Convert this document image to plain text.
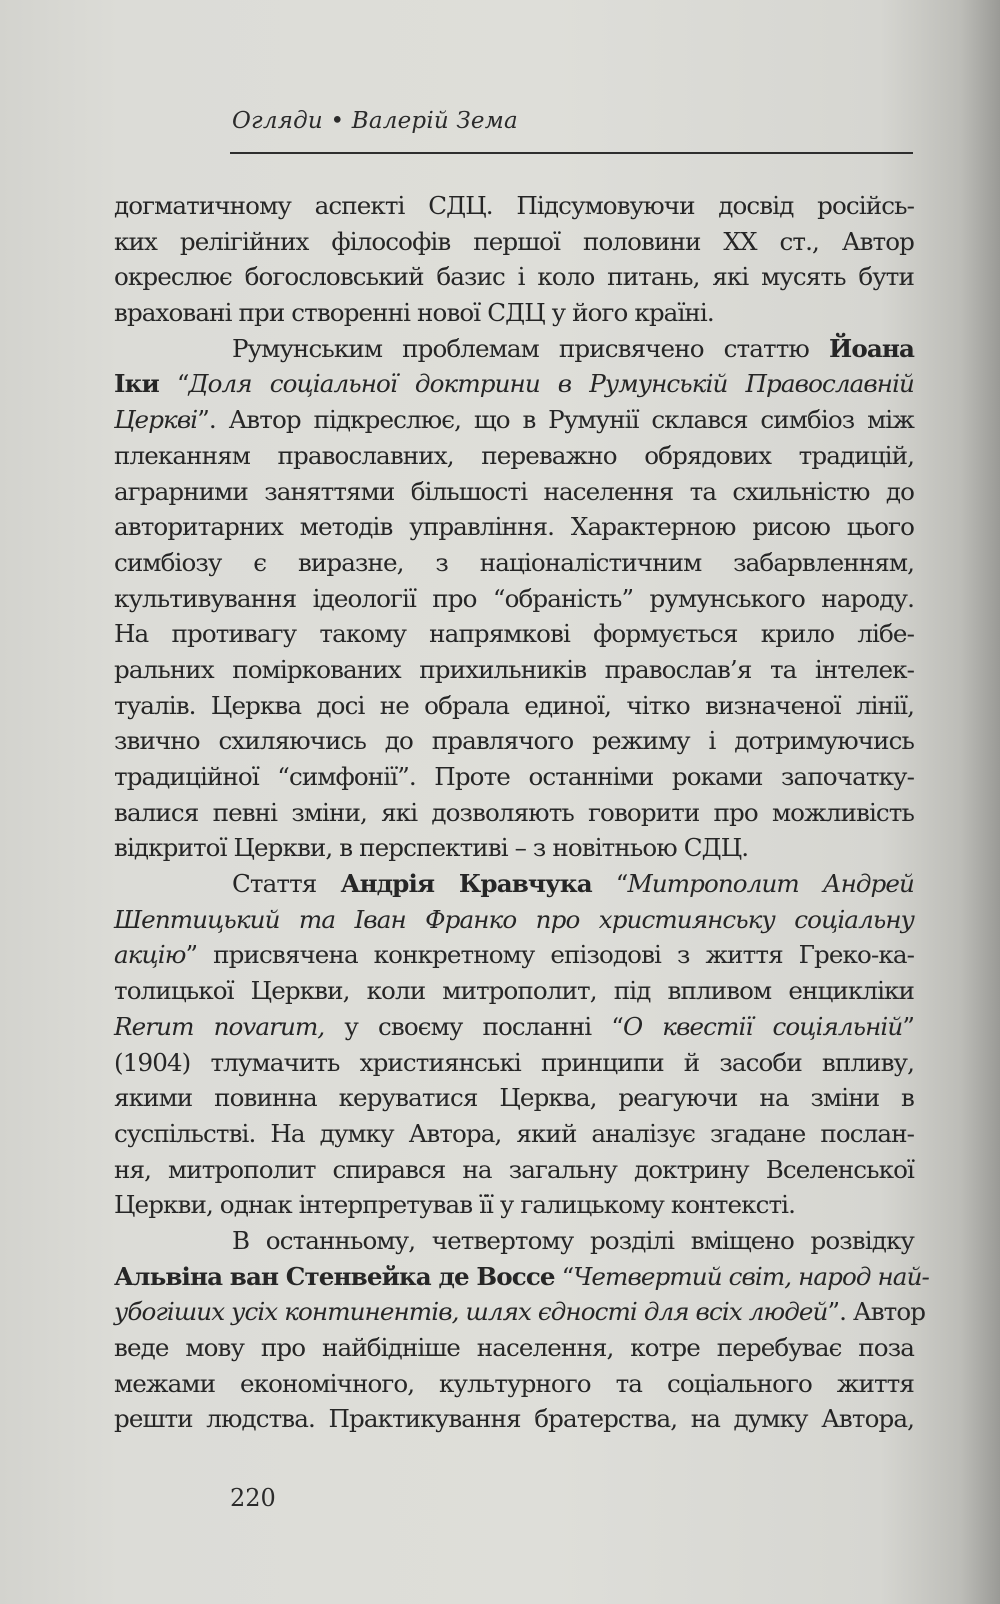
Огляди • Валерій Зема
догматичному аспекті СДЦ. Підсумовуючи досвід російсь-
ких релігійних філософів першої половини ХХ ст., Автор
окреслює богословський базис і коло питань, які мусять бути
враховані при створенні нової СДЦ у його країні.
Румунським проблемам присвячено статтю Йоана
Іки “Доля соціальної доктрини в Румунській Православній
Церкві”. Автор підкреслює, що в Румунії склався симбіоз між
плеканням православних, переважно обрядових традицій,
аграрними заняттями більшості населення та схильністю до
авторитарних методів управління. Характерною рисою цього
симбіозу є виразне, з націоналістичним забарвленням,
культивування ідеології про “обраність” румунського народу.
На противагу такому напрямкові формується крило лібе-
ральних поміркованих прихильників православ’я та інтелек-
туалів. Церква досі не обрала единої, чітко визначеної лінії,
звично схиляючись до правлячого режиму і дотримуючись
традиційної “симфонії”. Проте останніми роками започатку-
валися певні зміни, які дозволяють говорити про можливість
відкритої Церкви, в перспективі – з новітньою СДЦ.
Стаття Андрія Кравчука “Митрополит Андрей
Шептицький та Іван Франко про християнську соціальну
акцію” присвячена конкретному епізодові з життя Греко-ка-
толицької Церкви, коли митрополит, під впливом енцикліки
Rerum novarum, у своєму посланні “О квестії соціяльній”
(1904) тлумачить християнські принципи й засоби впливу,
якими повинна керуватися Церква, реагуючи на зміни в
суспільстві. На думку Автора, який аналізує згадане послан-
ня, митрополит спирався на загальну доктрину Вселенської
Церкви, однак інтерпретував її у галицькому контексті.
В останньому, четвертому розділі вміщено розвідку
Альвіна ван Стенвейка де Воссе “Четвертий світ, народ най-
убогіших усіх континентів, шлях єдності для всіх людей”. Автор
веде мову про найбідніше населення, котре перебуває поза
межами економічного, культурного та соціального життя
решти людства. Практикування братерства, на думку Автора,
220
